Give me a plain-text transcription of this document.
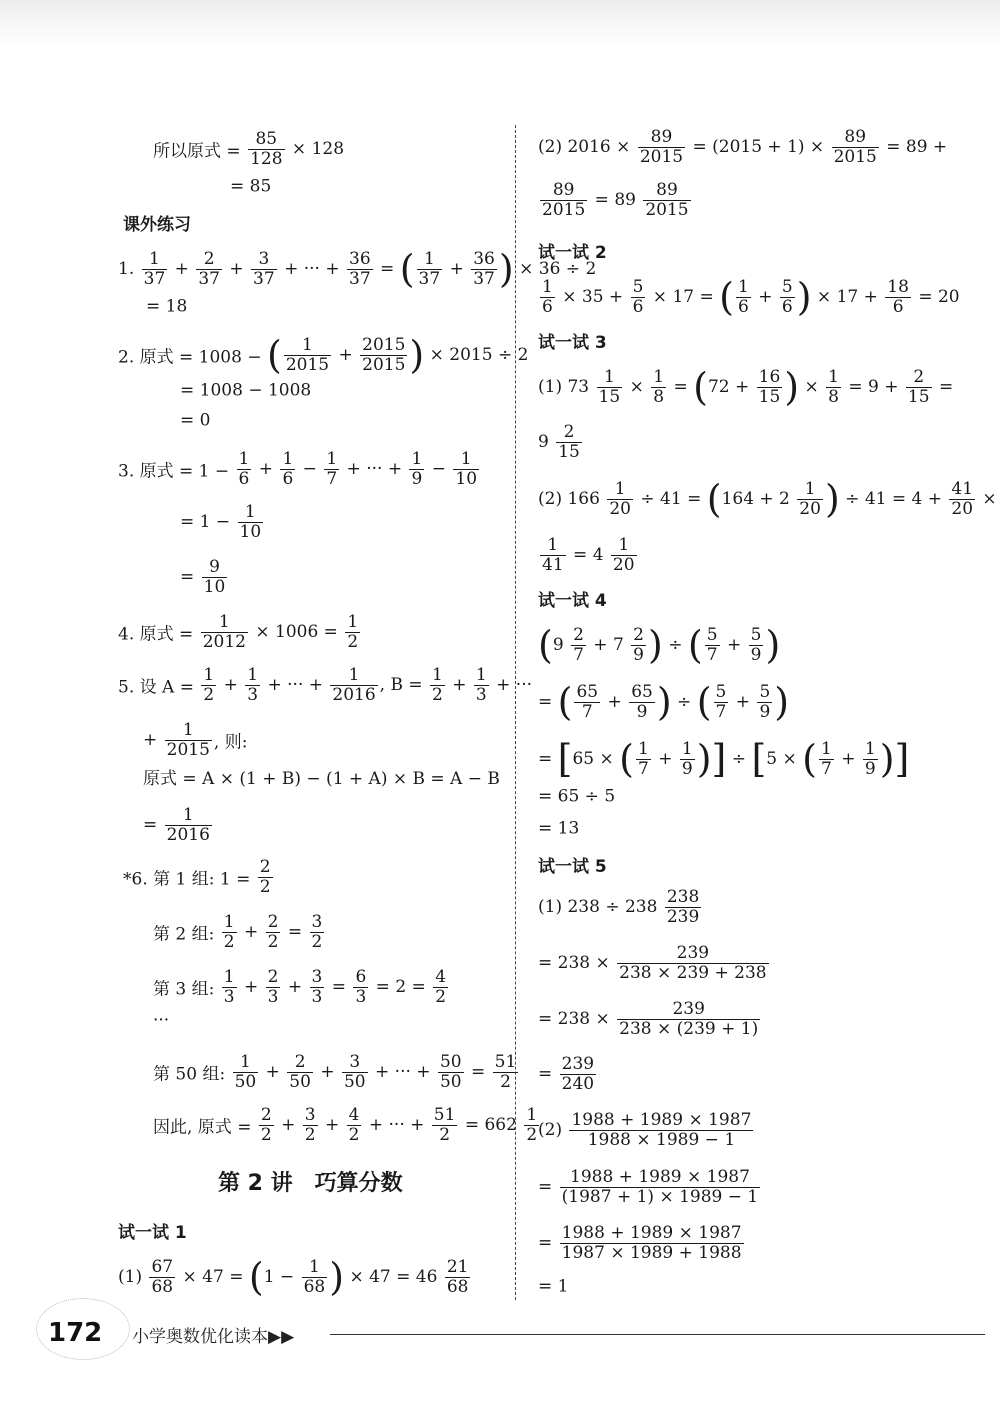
所以原式 = $\frac{85}{128} \times 128$
= 85
课外练习
1. $\frac{1}{37} + \frac{2}{37} + \frac{3}{37}$ + ··· + $\frac{36}{37}$ = ( $\frac{1}{37} + \frac{36}{37}$ ) × 36 ÷ 2
= 18
2. 原式 = 1008 − ( $\frac{1}{2015} + \frac{2015}{2015}$ ) × 2015 ÷ 2
= 1008 − 1008
= 0
3. 原式 = $1 - \frac{1}{6} + \frac{1}{6} - \frac{1}{7}$ + ··· + $\frac{1}{9} - \frac{1}{10}$
= $1 - \frac{1}{10}$
= $\frac{9}{10}$
4. 原式 = $\frac{1}{2012} \times 1006 = \frac{1}{2}$
5. 设 $A = \frac{1}{2} + \frac{1}{3}$ + ··· + $\frac{1}{2016}$ , $B = \frac{1}{2} + \frac{1}{3}$ + ···
+ $\frac{1}{2015}$ , 则:
原式 = A × (1 + B) − (1 + A) × B = A − B
= $\frac{1}{2016}$
*6. 第 1 组: $1 = \frac{2}{2}$
第 2 组: $\frac{1}{2} + \frac{2}{2} = \frac{3}{2}$
第 3 组: $\frac{1}{3} + \frac{2}{3} + \frac{3}{3} = \frac{6}{3} = 2 = \frac{4}{2}$
···
第 50 组: $\frac{1}{50} + \frac{2}{50} + \frac{3}{50}$ + ··· + $\frac{50}{50} = \frac{51}{2}$
因此, 原式 = $\frac{2}{2} + \frac{3}{2} + \frac{4}{2}$ + ··· + $\frac{51}{2} = 662 \frac{1}{2}$
第 2 讲　巧算分数
试一试 1
$(1) \frac{67}{68} \times 47 = (1 - \frac{1}{68}$ ) × $47 = 46 \frac{21}{68}$
(2) $2016 \times \frac{89}{2015} = (2015 + 1) \times \frac{89}{2015} = 89$ +
$\frac{89}{2015} = 89 \frac{89}{2015}$
试一试 2
$\frac{1}{6} \times 35 + \frac{5}{6} \times 17$ = ( $\frac{1}{6} + \frac{5}{6}$ ) × $17 + \frac{18}{6} = 20$
试一试 3
(1) $73 \frac{1}{15} \times \frac{1}{8} = (72 + \frac{16}{15}$ ) × $\frac{1}{8} = 9 + \frac{2}{15}$ =
$9 \frac{2}{15}$
(2) $166 \frac{1}{20} \div 41 = (164 + 2 \frac{1}{20}$ ) ÷ $41 = 4 + \frac{41}{20}$ ×
$\frac{1}{41} = 4 \frac{1}{20}$
试一试 4
($9 \frac{2}{7} + 7 \frac{2}{9}$ ) ÷ ( $\frac{5}{7} + \frac{5}{9}$ )
= ( $\frac{65}{7} + \frac{65}{9}$ ) ÷ ( $\frac{5}{7} + \frac{5}{9}$ )
= [65 × ( $\frac{1}{7} + \frac{1}{9}$ )] ÷ [5 × ( $\frac{1}{7} + \frac{1}{9}$ )]
= 65 ÷ 5
= 13
试一试 5
(1) $238 \div 238 \frac{238}{239}$
= $238 \times \frac{239}{238 \times 239 + 238}$
= $238 \times \frac{239}{238 \times (239 + 1)}$
= $\frac{239}{240}$
$(2) \frac{1988 + 1989 \times 1987}{1988 \times 1989 - 1}$
= $\frac{1988 + 1989 \times 1987}{(1987 + 1) \times 1989 - 1}$
= $\frac{1988 + 1989 \times 1987}{1987 \times 1989 + 1988}$
= 1
172 小学奥数优化读本▶▶
